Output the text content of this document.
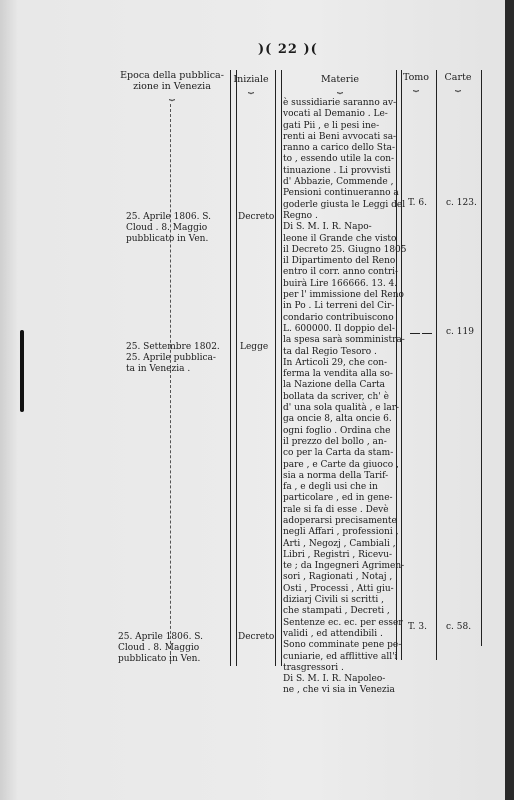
)( 22 )(
Epoca della pubblica-
zione in Venezia
⏟
Iniziale
⏟
Materie
⏟
Tomo
⏟
Carte
⏟
25. Aprile 1806. S.
Cloud . 8. Maggio
pubblicato in Ven.
Decreto
T. 6. c. 123.
25. Settembre 1802.
25. Aprile pubblica-
ta in Venezia .
Legge
c. 119
25. Aprile 1806. S.
Cloud . 8. Maggio
pubblicato in Ven.
Decreto
T. 3. c. 58.
è sussidiarie saranno av-
vocati al Demanio . Le-
gati Pii , e li pesi ine-
renti ai Beni avvocati sa-
ranno a carico dello Sta-
to , essendo utile la con-
tinuazione . Li provvisti
d' Abbazie, Commende ,
Pensioni continueranno a
goderle giusta le Leggi del
Regno .
Di S. M. I. R. Napo-
leone il Grande che visto
il Decreto 25. Giugno 1805
il Dipartimento del Reno
entro il corr. anno contri-
buirà Lire 166666. 13. 4.
per l' immissione del Reno
in Po . Li terreni del Cir-
condario contribuiscono
L. 600000. Il doppio del-
la spesa sarà somministra-
ta dal Regio Tesoro .
In Articoli 29, che con-
ferma la vendita alla so-
la Nazione della Carta
bollata da scriver, ch' è
d' una sola qualità , e lar-
ga oncie 8, alta oncie 6.
ogni foglio . Ordina che
il prezzo del bollo , an-
co per la Carta da stam-
pare , e Carte da giuoco ,
sia a norma della Tarif-
fa , e degli usi che in
particolare , ed in gene-
rale si fa di esse . Devè
adoperarsi precisamente
negli Affari , professioni ,
Arti , Negozj , Cambiali ,
Libri , Registri , Ricevu-
te ; da Ingegneri Agrimen-
sori , Ragionati , Notaj ,
Osti , Processi , Atti giu-
diziarj Civili si scritti ,
che stampati , Decreti ,
Sentenze ec. ec. per esser
validi , ed attendibili .
Sono comminate pene pe-
cuniarie, ed afflittive all'i
trasgressori .
Di S. M. I. R. Napoleo-
ne , che vi sia in Venezia
